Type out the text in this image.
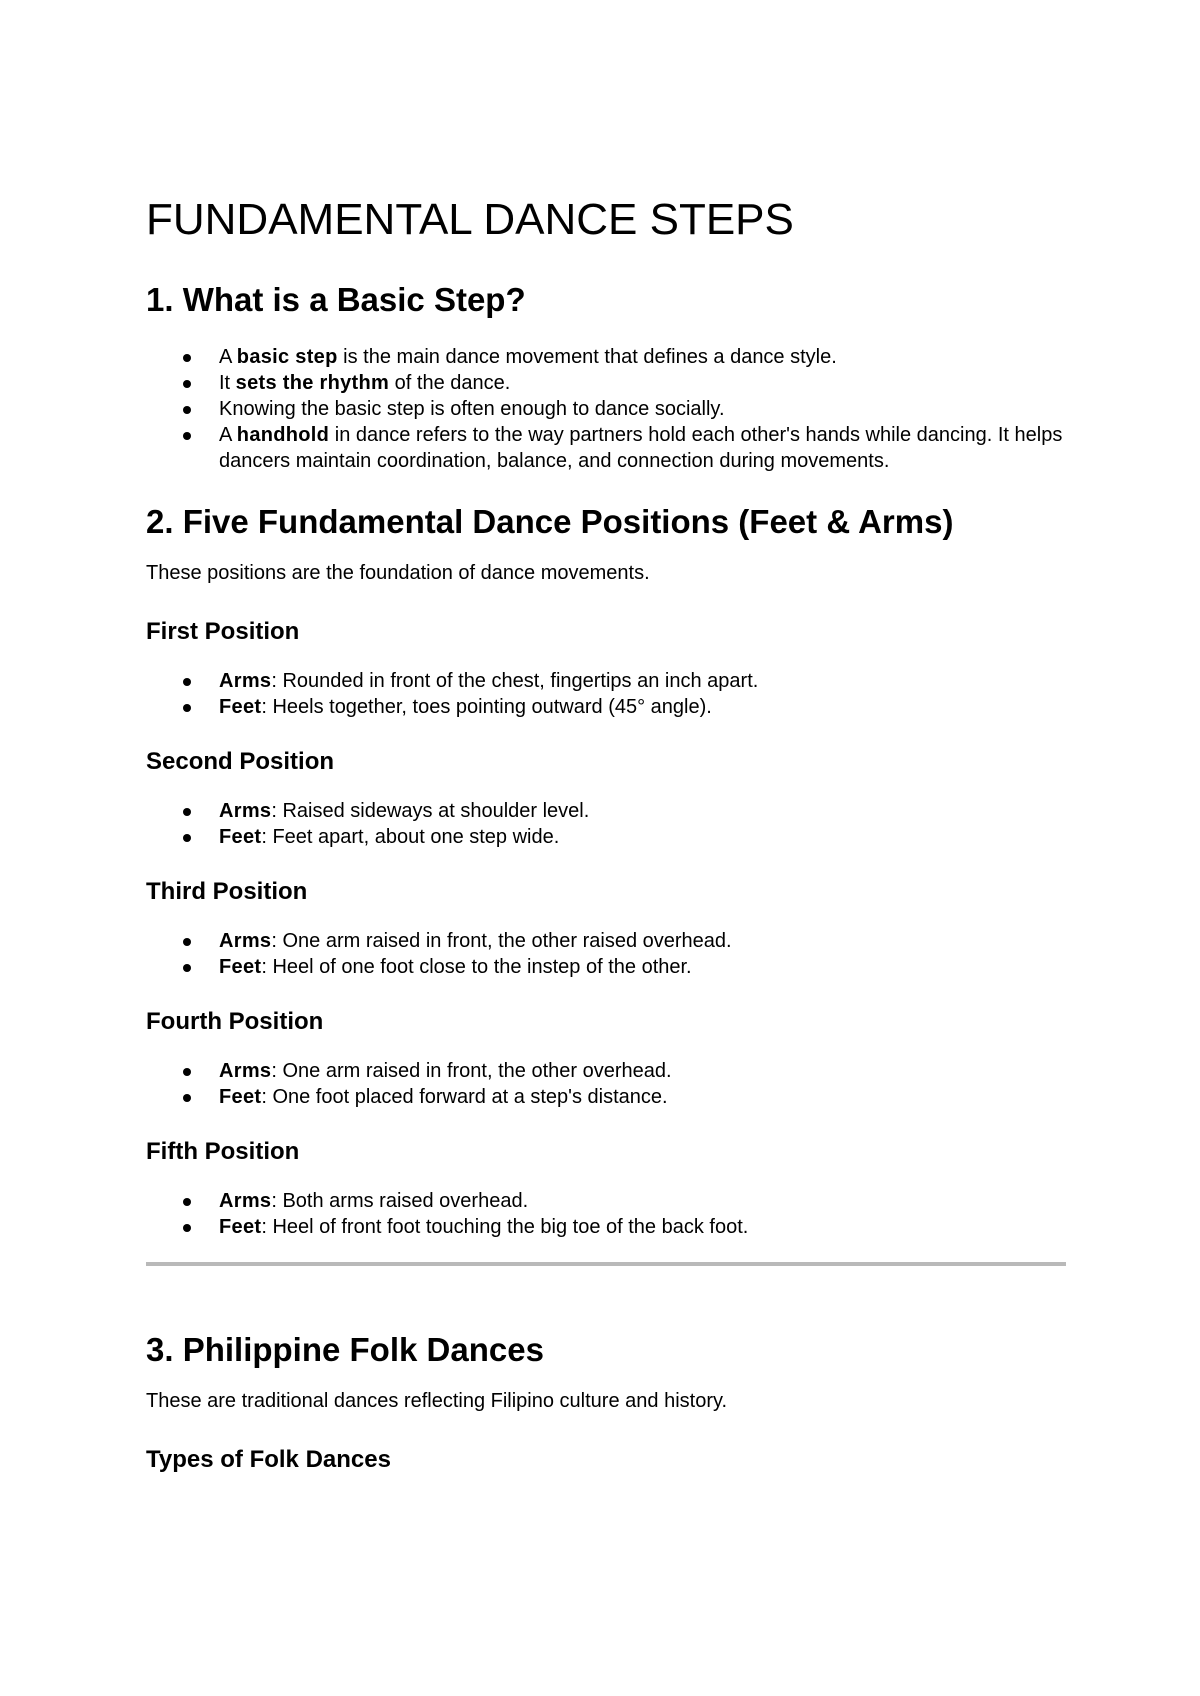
FUNDAMENTAL DANCE STEPS
1. What is a Basic Step?
A basic step is the main dance movement that defines a dance style.
It sets the rhythm of the dance.
Knowing the basic step is often enough to dance socially.
A handhold in dance refers to the way partners hold each other's hands while dancing. It helps dancers maintain coordination, balance, and connection during movements.
2. Five Fundamental Dance Positions (Feet & Arms)

These positions are the foundation of dance movements.

First Position
Arms: Rounded in front of the chest, fingertips an inch apart.
Feet: Heels together, toes pointing outward (45° angle).
Second Position
Arms: Raised sideways at shoulder level.
Feet: Feet apart, about one step wide.
Third Position
Arms: One arm raised in front, the other raised overhead.
Feet: Heel of one foot close to the instep of the other.
Fourth Position
Arms: One arm raised in front, the other overhead.
Feet: One foot placed forward at a step's distance.
Fifth Position
Arms: Both arms raised overhead.
Feet: Heel of front foot touching the big toe of the back foot.
3. Philippine Folk Dances

These are traditional dances reflecting Filipino culture and history.

Types of Folk Dances
